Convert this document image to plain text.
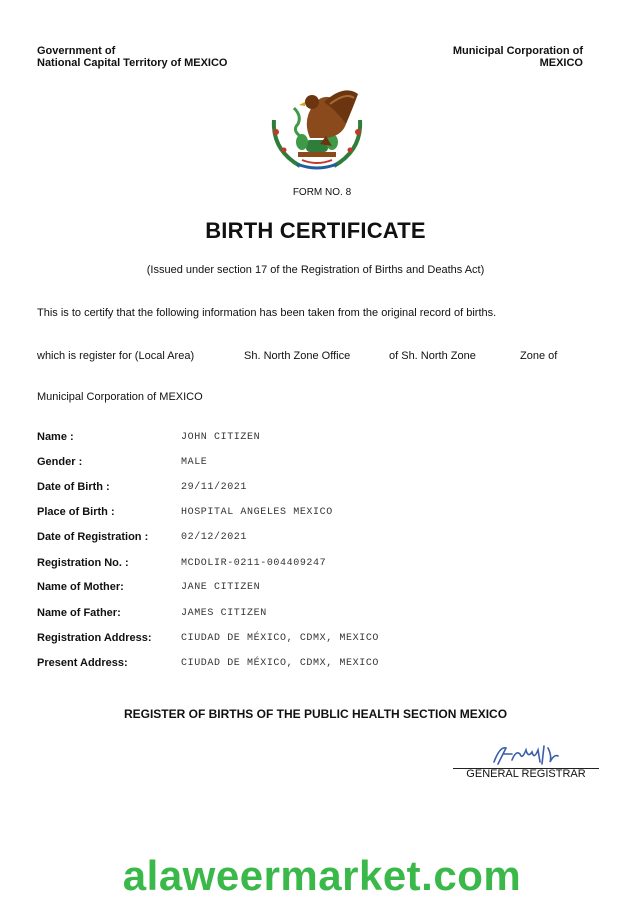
Government of
National Capital Territory of MEXICO
Municipal Corporation of
MEXICO
FORM NO. 8
BIRTH CERTIFICATE
(Issued under section 17 of the Registration of Births and Deaths Act)
This is to certify that the following information has been taken from the original record of births.
which is register for (Local Area)	Sh. North Zone Office	of Sh. North Zone	Zone of
Municipal Corporation of MEXICO
Name :	JOHN CITIZEN
Gender :	MALE
Date of Birth :	29/11/2021
Place of Birth :	HOSPITAL ANGELES MEXICO
Date of Registration :	02/12/2021
Registration No. :	MCDOLIR-0211-004409247
Name of Mother:	JANE CITIZEN
Name of Father:	JAMES CITIZEN
Registration Address:	CIUDAD DE MÉXICO, CDMX, MEXICO
Present Address:	CIUDAD DE MÉXICO, CDMX, MEXICO
REGISTER OF BIRTHS OF THE PUBLIC HEALTH SECTION MEXICO
GENERAL REGISTRAR
alaweermarket.com
